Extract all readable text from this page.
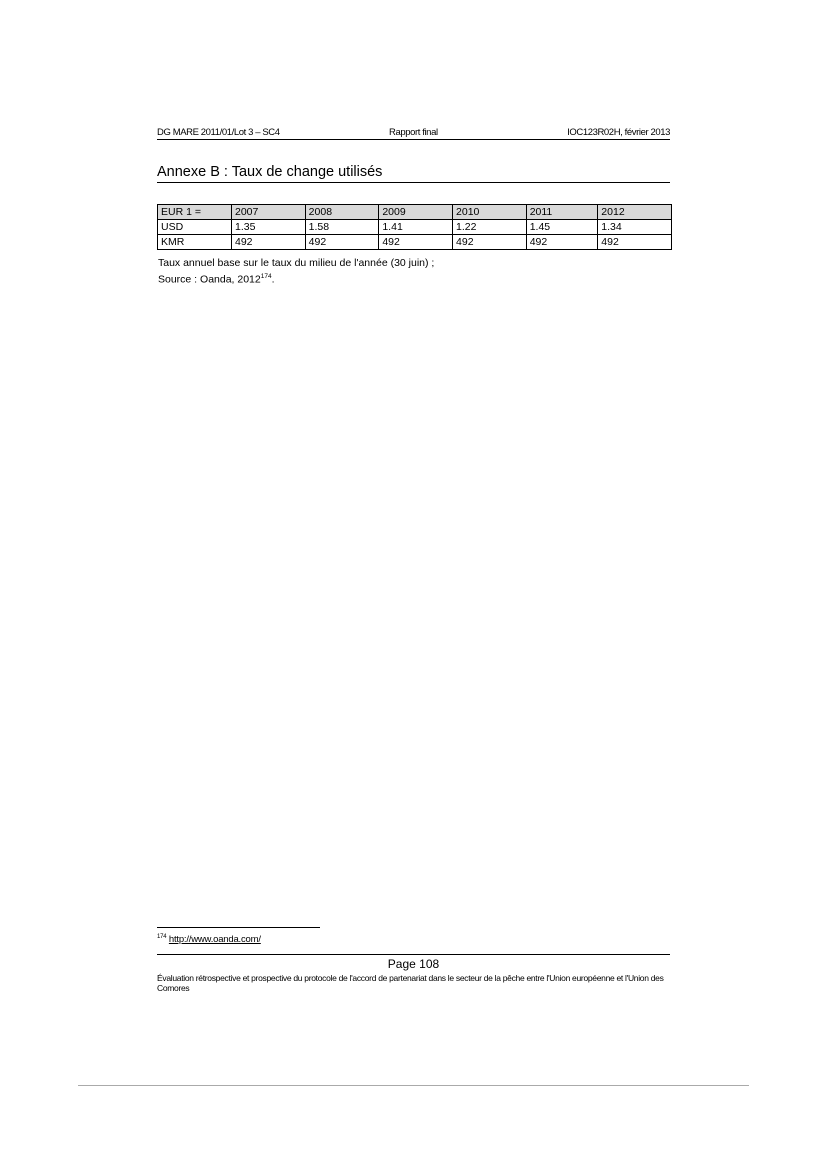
DG MARE 2011/01/Lot 3 – SC4	Rapport final	IOC123R02H, février 2013
Annexe B : Taux de change utilisés
EUR 1 =	2007	2008	2009	2010	2011	2012
USD	1.35	1.58	1.41	1.22	1.45	1.34
KMR	492	492	492	492	492	492
Taux annuel base sur le taux du milieu de l'année (30 juin) ;
Source : Oanda, 2012$^{174}$.
$^{174}$ http://www.oanda.com/
Page 108
Évaluation rétrospective et prospective du protocole de l'accord de partenariat dans le secteur de la pêche entre l'Union européenne et l'Union des Comores
